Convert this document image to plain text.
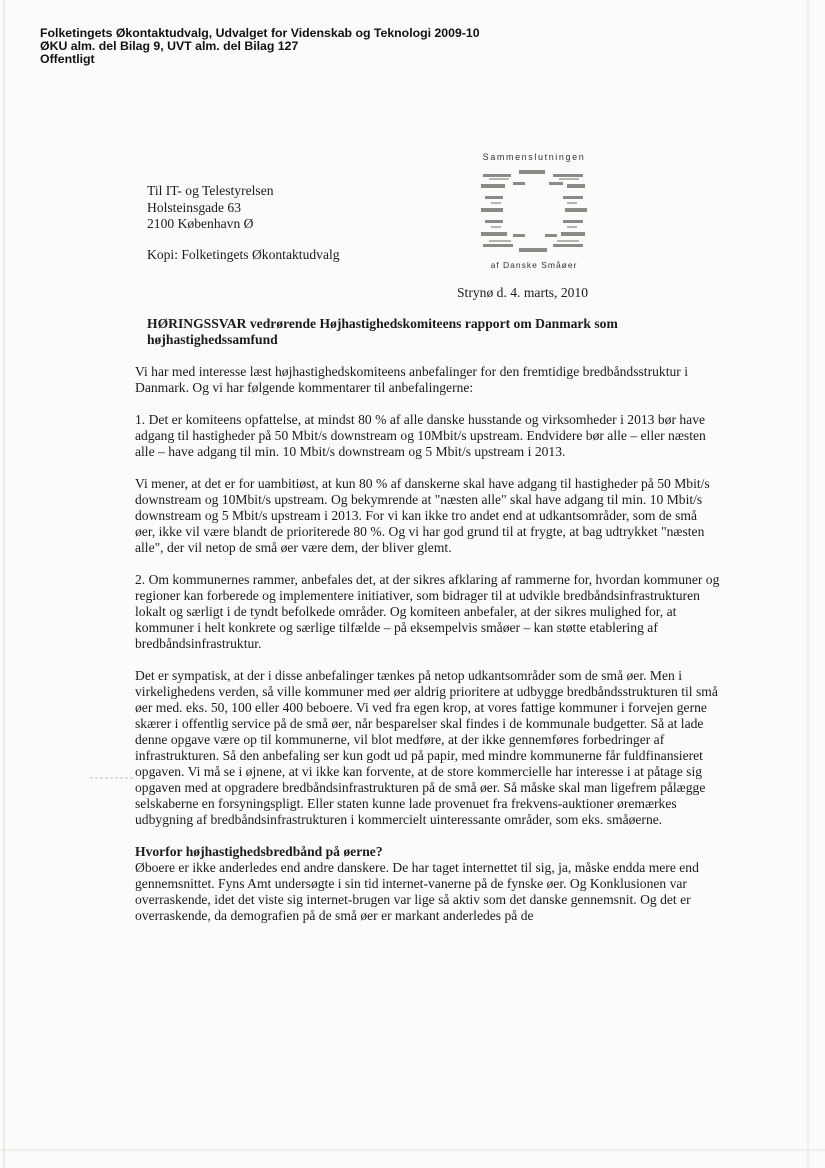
Folketingets Økontaktudvalg, Udvalget for Videnskab og Teknologi 2009-10
ØKU alm. del Bilag 9, UVT alm. del Bilag 127
Offentligt
Til IT- og Telestyrelsen
Holsteinsgade 63
2100 København Ø
Kopi: Folketingets Økontaktudvalg
Sammenslutningen
af Danske Småøer
Strynø d. 4. marts, 2010
HØRINGSSVAR vedrørende Højhastighedskomiteens rapport om Danmark som højhastighedssamfund

Vi har med interesse læst højhastighedskomiteens anbefalinger for den fremtidige bredbåndsstruktur i Danmark. Og vi har følgende kommentarer til anbefalingerne:

1. Det er komiteens opfattelse, at mindst 80 % af alle danske husstande og virksomheder i 2013 bør have adgang til hastigheder på 50 Mbit/s downstream og 10Mbit/s upstream. Endvidere bør alle – eller næsten alle – have adgang til min. 10 Mbit/s downstream og 5 Mbit/s upstream i 2013.

Vi mener, at det er for uambitiøst, at kun 80 % af danskerne skal have adgang til hastigheder på 50 Mbit/s downstream og 10Mbit/s upstream. Og bekymrende at "næsten alle" skal have adgang til min. 10 Mbit/s downstream og 5 Mbit/s upstream i 2013. For vi kan ikke tro andet end at udkantsområder, som de små øer, ikke vil være blandt de prioriterede 80 %. Og vi har god grund til at frygte, at bag udtrykket "næsten alle", der vil netop de små øer være dem, der bliver glemt.

2. Om kommunernes rammer, anbefales det, at der sikres afklaring af rammerne for, hvordan kommuner og regioner kan forberede og implementere initiativer, som bidrager til at udvikle bredbåndsinfrastrukturen lokalt og særligt i de tyndt befolkede områder. Og komiteen anbefaler, at der sikres mulighed for, at kommuner i helt konkrete og særlige tilfælde – på eksempelvis småøer – kan støtte etablering af bredbåndsinfrastruktur.

Det er sympatisk, at der i disse anbefalinger tænkes på netop udkantsområder som de små øer. Men i virkelighedens verden, så ville kommuner med øer aldrig prioritere at udbygge bredbåndsstrukturen til små øer med. eks. 50, 100 eller 400 beboere. Vi ved fra egen krop, at vores fattige kommuner i forvejen gerne skærer i offentlig service på de små øer, når besparelser skal findes i de kommunale budgetter. Så at lade denne opgave være op til kommunerne, vil blot medføre, at der ikke gennemføres forbedringer af infrastrukturen. Så den anbefaling ser kun godt ud på papir, med mindre kommunerne får fuldfinansieret opgaven. Vi må se i øjnene, at vi ikke kan forvente, at de store kommercielle har interesse i at påtage sig opgaven med at opgradere bredbåndsinfrastrukturen på de små øer. Så måske skal man ligefrem pålægge selskaberne en forsyningspligt. Eller staten kunne lade provenuet fra frekvens-auktioner øremærkes udbygning af bredbåndsinfrastrukturen i kommercielt uinteressante områder, som eks. småøerne.

Hvorfor højhastighedsbredbånd på øerne?

Øboere er ikke anderledes end andre danskere. De har taget internettet til sig, ja, måske endda mere end gennemsnittet. Fyns Amt undersøgte i sin tid internet-vanerne på de fynske øer. Og Konklusionen var overraskende, idet det viste sig internet-brugen var lige så aktiv som det danske gennemsnit. Og det er overraskende, da demografien på de små øer er markant anderledes på de
